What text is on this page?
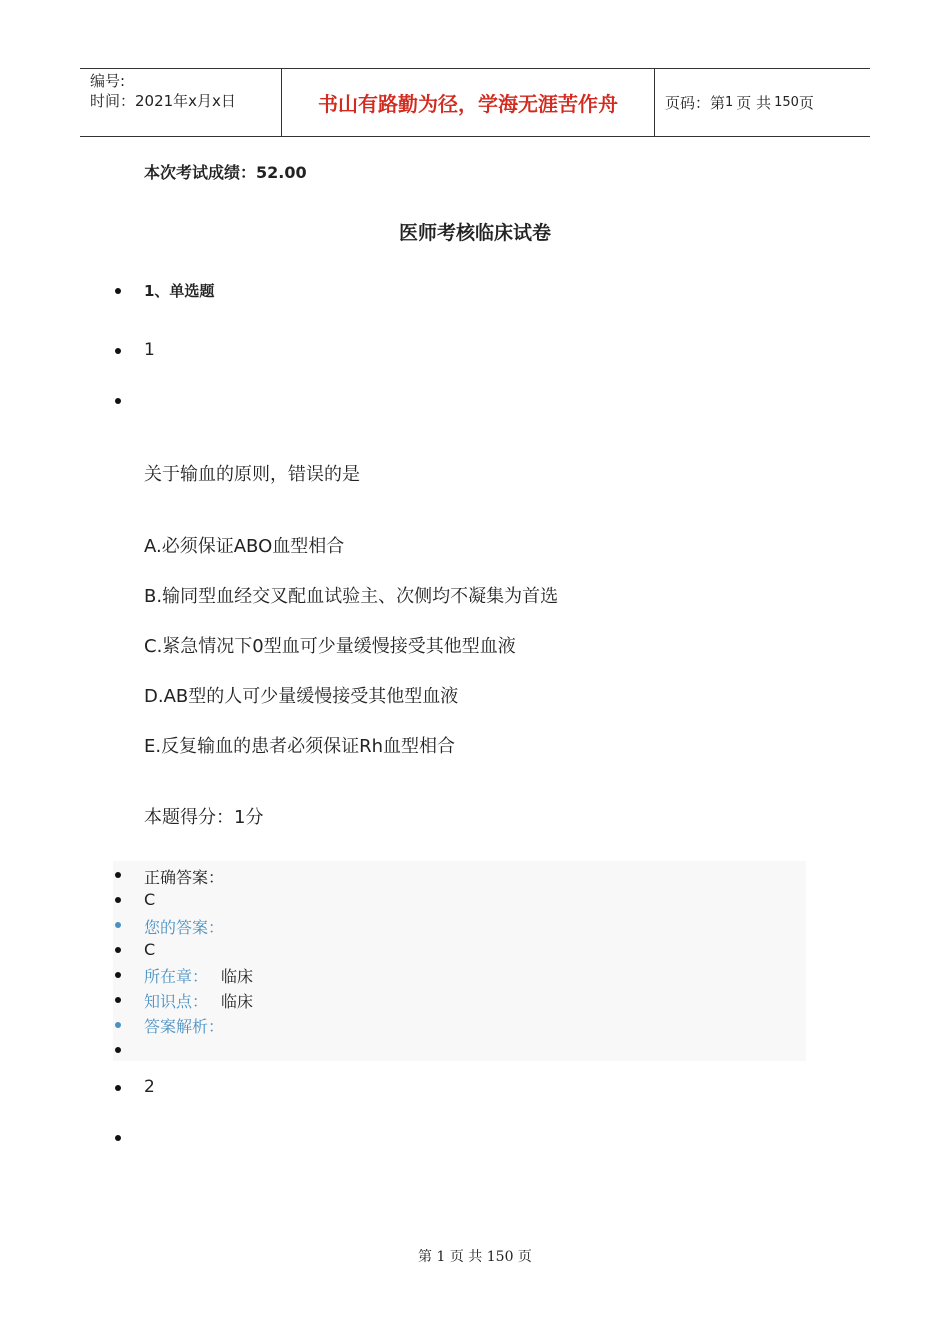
编号:
时间：2021年x月x日	书山有路勤为径，学海无涯苦作舟	页码：第 1 页 共 150 页
本次考试成绩：52.00
医师考核临床试卷
1、单选题
1
关于输血的原则，错误的是
A.必须保证ABO血型相合
B.输同型血经交叉配血试验主、次侧均不凝集为首选
C.紧急情况下0型血可少量缓慢接受其他型血液
D.AB型的人可少量缓慢接受其他型血液
E.反复输血的患者必须保证Rh血型相合
本题得分：1分
正确答案：
C
您的答案：
C
所在章： 临床
知识点： 临床
答案解析：
2
第 1 页 共 150 页
